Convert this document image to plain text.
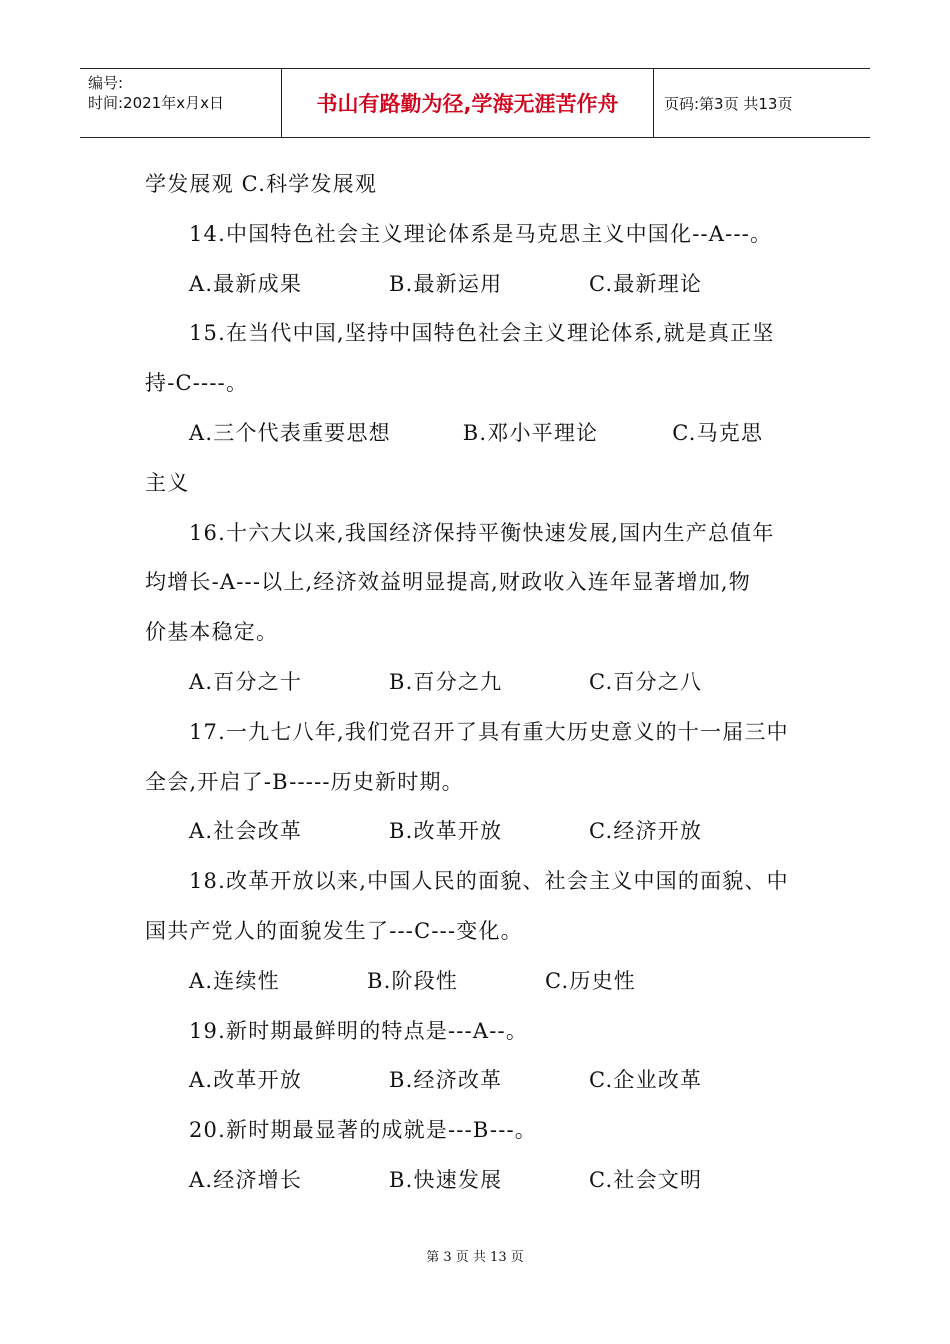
编号:
时间:2021年x月x日	书山有路勤为径,学海无涯苦作舟	页码:第3页 共13页
学发展观 C.科学发展观
14.中国特色社会主义理论体系是马克思主义中国化--A---。
A.最新成果	B.最新运用	C.最新理论
15.在当代中国,坚持中国特色社会主义理论体系,就是真正坚
持-C----。
A.三个代表重要思想	B.邓小平理论	C.马克思
主义
16.十六大以来,我国经济保持平衡快速发展,国内生产总值年
均增长-A---以上,经济效益明显提高,财政收入连年显著增加,物
价基本稳定。
A.百分之十	B.百分之九	C.百分之八
17.一九七八年,我们党召开了具有重大历史意义的十一届三中
全会,开启了-B-----历史新时期。
A.社会改革	B.改革开放	C.经济开放
18.改革开放以来,中国人民的面貌、社会主义中国的面貌、中
国共产党人的面貌发生了---C---变化。
A.连续性	B.阶段性	C.历史性
19.新时期最鲜明的特点是---A--。
A.改革开放	B.经济改革	C.企业改革
20.新时期最显著的成就是---B---。
A.经济增长	B.快速发展	C.社会文明
第 3 页 共 13 页
